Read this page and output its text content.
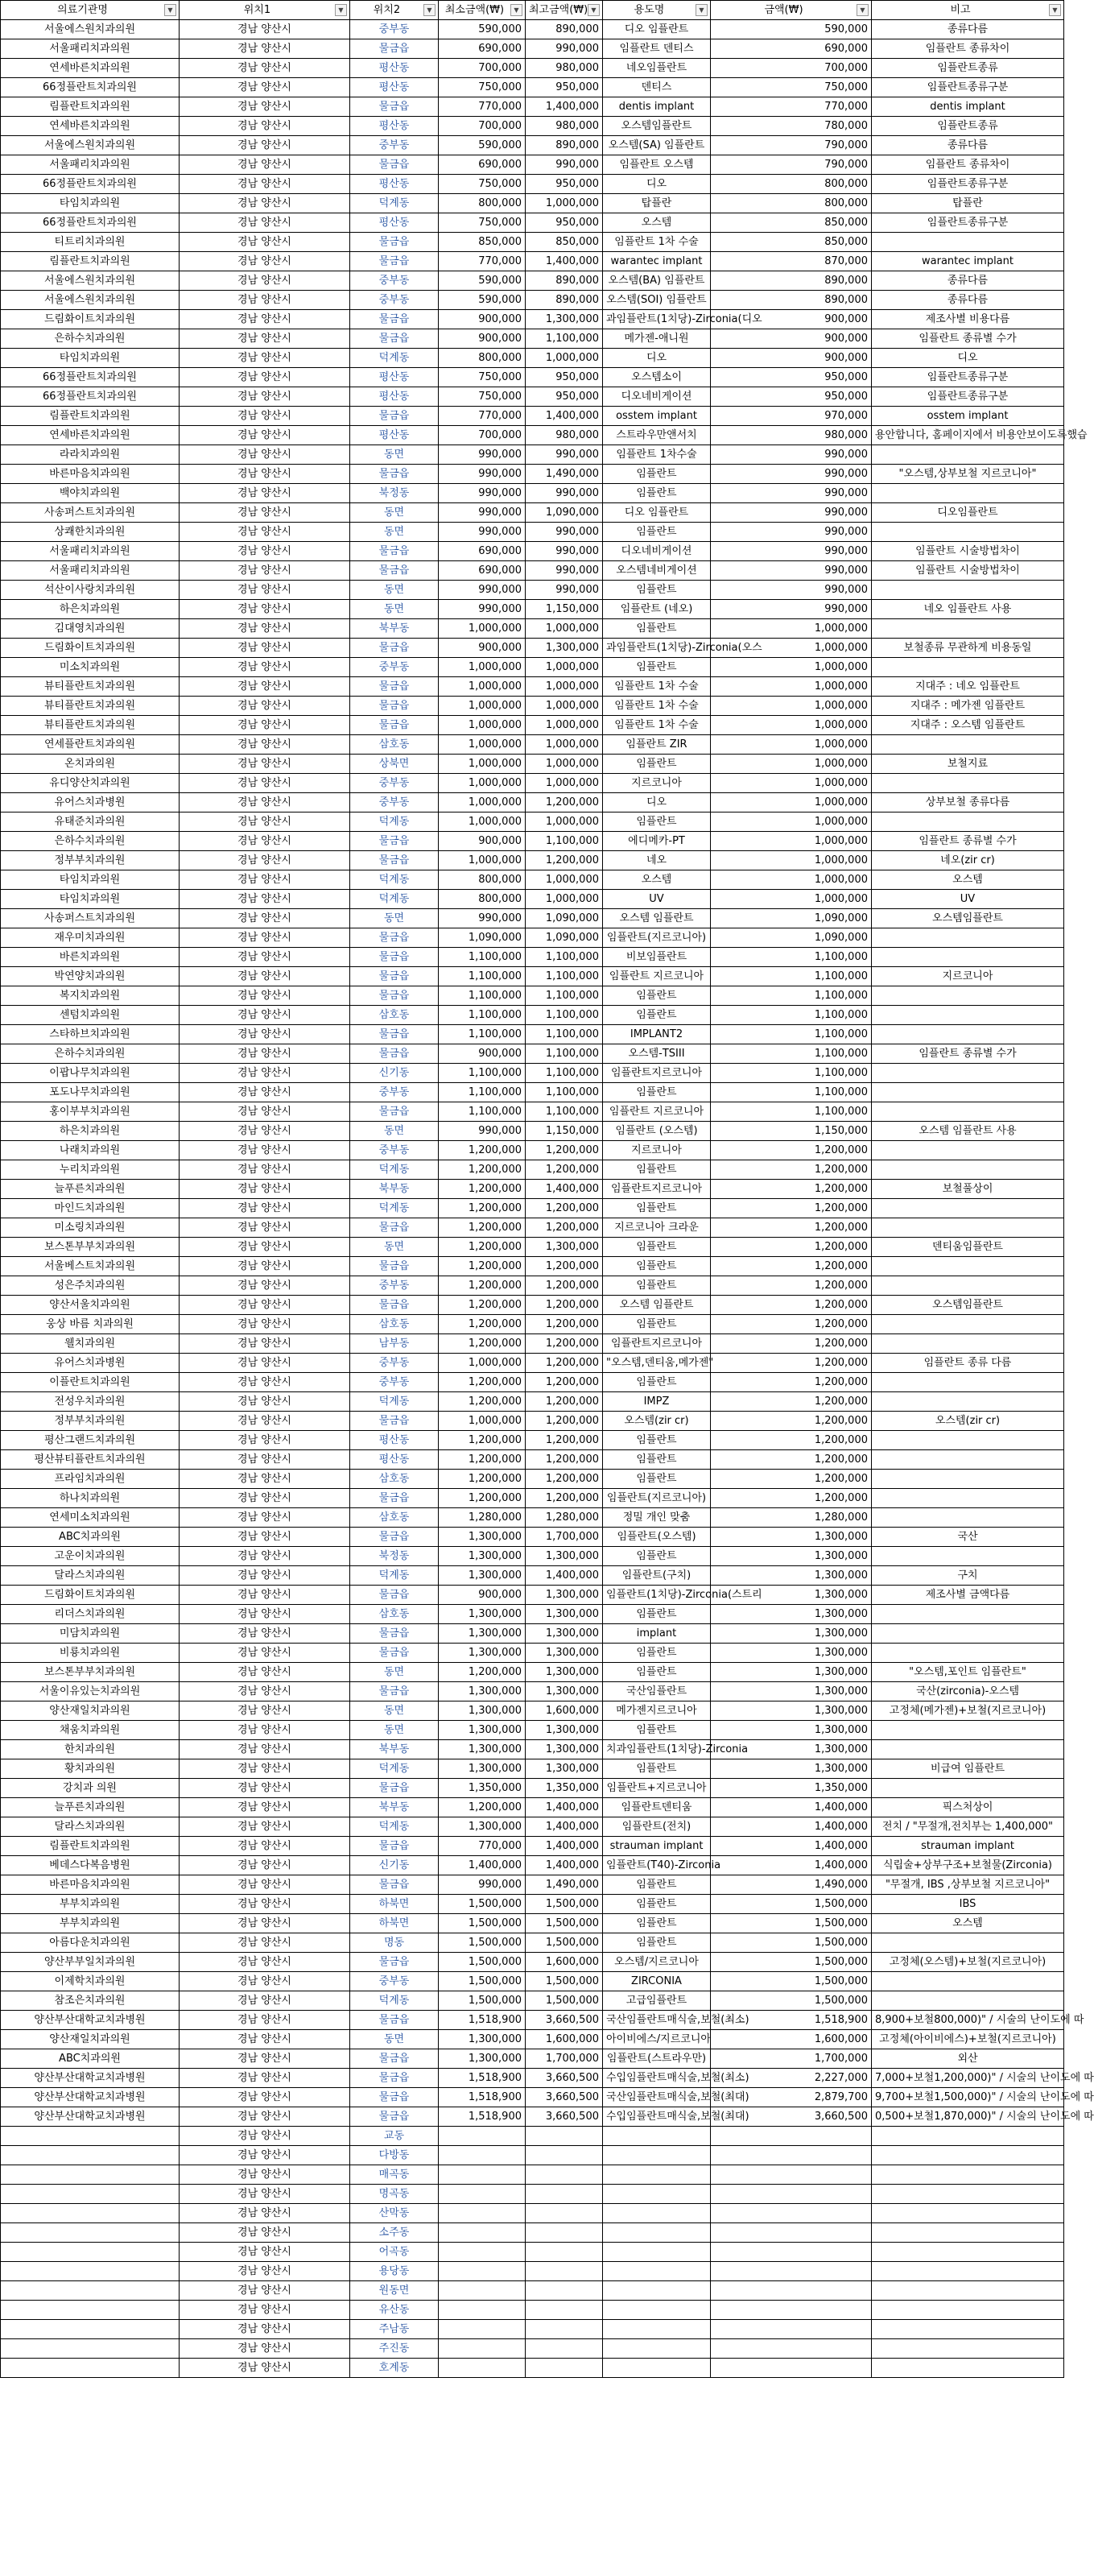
의료기관명 ▼	위치1 ▼	위치2 ▼	최소금액(₩) ▼	최고금액(₩) ▼	용도명 ▼	금액(₩) ▼	비고 ▼

서울에스원치과의원	경남 양산시	중부동	590,000	890,000	디오 임플란트	590,000	종류다름
서울패리치과의원	경남 양산시	물금읍	690,000	990,000	임플란트 덴티스	690,000	임플란트 종류차이
연세바른치과의원	경남 양산시	평산동	700,000	980,000	네오임플란트	700,000	임플란트종류
66정플란트치과의원	경남 양산시	평산동	750,000	950,000	덴티스	750,000	임플란트종류구분
림플란트치과의원	경남 양산시	물금읍	770,000	1,400,000	dentis implant	770,000	dentis implant
연세바른치과의원	경남 양산시	평산동	700,000	980,000	오스템임플란트	780,000	임플란트종류
서울에스원치과의원	경남 양산시	중부동	590,000	890,000	오스템(SA) 임플란트	790,000	종류다름
서울패리치과의원	경남 양산시	물금읍	690,000	990,000	임플란트 오스템	790,000	임플란트 종류차이
66정플란트치과의원	경남 양산시	평산동	750,000	950,000	디오	800,000	임플란트종류구분
타임치과의원	경남 양산시	덕계동	800,000	1,000,000	탑플란	800,000	탑플란
66정플란트치과의원	경남 양산시	평산동	750,000	950,000	오스템	850,000	임플란트종류구분
티트리치과의원	경남 양산시	물금읍	850,000	850,000	임플란트 1차 수술	850,000	
림플란트치과의원	경남 양산시	물금읍	770,000	1,400,000	warantec implant	870,000	warantec implant
서울에스원치과의원	경남 양산시	중부동	590,000	890,000	오스템(BA) 임플란트	890,000	종류다름
서울에스원치과의원	경남 양산시	중부동	590,000	890,000	오스템(SOI) 임플란트	890,000	종류다름
드림화이트치과의원	경남 양산시	물금읍	900,000	1,300,000	과임플란트(1치당)-Zirconia(디오	900,000	제조사별 비용다름
은하수치과의원	경남 양산시	물금읍	900,000	1,100,000	메가젠-애니원	900,000	임플란트 종류별 수가
타임치과의원	경남 양산시	덕계동	800,000	1,000,000	디오	900,000	디오
66정플란트치과의원	경남 양산시	평산동	750,000	950,000	오스템소이	950,000	임플란트종류구분
66정플란트치과의원	경남 양산시	평산동	750,000	950,000	디오네비게이션	950,000	임플란트종류구분
림플란트치과의원	경남 양산시	물금읍	770,000	1,400,000	osstem implant	970,000	osstem implant
연세바른치과의원	경남 양산시	평산동	700,000	980,000	스트라우만앤서치	980,000	용안합니다, 홈페이지에서 비용안보이도록했습
라라치과의원	경남 양산시	동면	990,000	990,000	임플란트 1차수술	990,000	
바른마음치과의원	경남 양산시	물금읍	990,000	1,490,000	임플란트	990,000	"오스템,상부보철 지르코니아"
백야치과의원	경남 양산시	북정동	990,000	990,000	임플란트	990,000	
사송퍼스트치과의원	경남 양산시	동면	990,000	1,090,000	디오 임플란트	990,000	디오임플란트
상쾌한치과의원	경남 양산시	동면	990,000	990,000	임플란트	990,000	
서울패리치과의원	경남 양산시	물금읍	690,000	990,000	디오네비게이션	990,000	임플란트 시술방법차이
서울패리치과의원	경남 양산시	물금읍	690,000	990,000	오스템네비게이션	990,000	임플란트 시술방법차이
석산이사랑치과의원	경남 양산시	동면	990,000	990,000	임플란트	990,000	
하은치과의원	경남 양산시	동면	990,000	1,150,000	임플란트 (네오)	990,000	네오 임플란트 사용
김대영치과의원	경남 양산시	북부동	1,000,000	1,000,000	임플란트	1,000,000	
드림화이트치과의원	경남 양산시	물금읍	900,000	1,300,000	과임플란트(1치당)-Zirconia(오스	1,000,000	보철종류 무관하게 비용동일
미소치과의원	경남 양산시	중부동	1,000,000	1,000,000	임플란트	1,000,000	
뷰티플란트치과의원	경남 양산시	물금읍	1,000,000	1,000,000	임플란트 1차 수술	1,000,000	지대주 : 네오 임플란트
뷰티플란트치과의원	경남 양산시	물금읍	1,000,000	1,000,000	임플란트 1차 수술	1,000,000	지대주 : 메가젠 임플란트
뷰티플란트치과의원	경남 양산시	물금읍	1,000,000	1,000,000	임플란트 1차 수술	1,000,000	지대주 : 오스템 임플란트
연세플란트치과의원	경남 양산시	삼호동	1,000,000	1,000,000	임플란트 ZIR	1,000,000	
온치과의원	경남 양산시	상북면	1,000,000	1,000,000	임플란트	1,000,000	보철지료
유디양산치과의원	경남 양산시	중부동	1,000,000	1,000,000	지르코니아	1,000,000	
유어스치과병원	경남 양산시	중부동	1,000,000	1,200,000	디오	1,000,000	상부보철 종류다름
유태준치과의원	경남 양산시	덕계동	1,000,000	1,000,000	임플란트	1,000,000	
은하수치과의원	경남 양산시	물금읍	900,000	1,100,000	에디메카-PT	1,000,000	임플란트 종류별 수가
정부부치과의원	경남 양산시	물금읍	1,000,000	1,200,000	네오	1,000,000	네오(zir cr)
타임치과의원	경남 양산시	덕계동	800,000	1,000,000	오스템	1,000,000	오스템
타임치과의원	경남 양산시	덕계동	800,000	1,000,000	UV	1,000,000	UV
사송퍼스트치과의원	경남 양산시	동면	990,000	1,090,000	오스템 임플란트	1,090,000	오스템임플란트
재우미치과의원	경남 양산시	물금읍	1,090,000	1,090,000	임플란트(지르코니아)	1,090,000	
바른치과의원	경남 양산시	물금읍	1,100,000	1,100,000	비보임플란트	1,100,000	
박연양치과의원	경남 양산시	물금읍	1,100,000	1,100,000	임플란트 지르코니아	1,100,000	지르코니아
복지치과의원	경남 양산시	물금읍	1,100,000	1,100,000	임플란트	1,100,000	
센텀치과의원	경남 양산시	삼호동	1,100,000	1,100,000	임플란트	1,100,000	
스타하브치과의원	경남 양산시	물금읍	1,100,000	1,100,000	IMPLANT2	1,100,000	
은하수치과의원	경남 양산시	물금읍	900,000	1,100,000	오스템-TSIII	1,100,000	임플란트 종류별 수가
이팝나무치과의원	경남 양산시	신기동	1,100,000	1,100,000	임플란트지르코니아	1,100,000	
포도나무치과의원	경남 양산시	중부동	1,100,000	1,100,000	임플란트	1,100,000	
홍이부부치과의원	경남 양산시	물금읍	1,100,000	1,100,000	임플란트 지르코니아	1,100,000	
하은치과의원	경남 양산시	동면	990,000	1,150,000	임플란트 (오스템)	1,150,000	오스템 임플란트 사용
나래치과의원	경남 양산시	중부동	1,200,000	1,200,000	지르코니아	1,200,000	
누리치과의원	경남 양산시	덕계동	1,200,000	1,200,000	임플란트	1,200,000	
늘푸른치과의원	경남 양산시	북부동	1,200,000	1,400,000	임플란트지르코니아	1,200,000	보철풀상이
마인드치과의원	경남 양산시	덕계동	1,200,000	1,200,000	임플란트	1,200,000	
미소링치과의원	경남 양산시	물금읍	1,200,000	1,200,000	지르코니아 크라운	1,200,000	
보스톤부부치과의원	경남 양산시	동면	1,200,000	1,300,000	임플란트	1,200,000	덴티움임플란트
서울베스트치과의원	경남 양산시	물금읍	1,200,000	1,200,000	임플란트	1,200,000	
성은주치과의원	경남 양산시	중부동	1,200,000	1,200,000	임플란트	1,200,000	
양산서울치과의원	경남 양산시	물금읍	1,200,000	1,200,000	오스템 임플란트	1,200,000	오스템임플란트
웅상 바름 치과의원	경남 양산시	삼호동	1,200,000	1,200,000	임플란트	1,200,000	
웰치과의원	경남 양산시	남부동	1,200,000	1,200,000	임플란트지르코니아	1,200,000	
유어스치과병원	경남 양산시	중부동	1,000,000	1,200,000	"오스템,덴티움,메가젠"	1,200,000	임플란트 종류 다름
이플란트치과의원	경남 양산시	중부동	1,200,000	1,200,000	임플란트	1,200,000	
전성우치과의원	경남 양산시	덕계동	1,200,000	1,200,000	IMPZ	1,200,000	
정부부치과의원	경남 양산시	물금읍	1,000,000	1,200,000	오스템(zir cr)	1,200,000	오스템(zir cr)
평산그랜드치과의원	경남 양산시	평산동	1,200,000	1,200,000	임플란트	1,200,000	
평산뷰티플란트치과의원	경남 양산시	평산동	1,200,000	1,200,000	임플란트	1,200,000	
프라임치과의원	경남 양산시	삼호동	1,200,000	1,200,000	임플란트	1,200,000	
하나치과의원	경남 양산시	물금읍	1,200,000	1,200,000	임플란트(지르코니아)	1,200,000	
연세미소치과의원	경남 양산시	삼호동	1,280,000	1,280,000	정밀 개인 맞춤	1,280,000	
ABC치과의원	경남 양산시	물금읍	1,300,000	1,700,000	임플란트(오스템)	1,300,000	국산
고운이치과의원	경남 양산시	북정동	1,300,000	1,300,000	임플란트	1,300,000	
달라스치과의원	경남 양산시	덕계동	1,300,000	1,400,000	임플란트(구치)	1,300,000	구치
드림화이트치과의원	경남 양산시	물금읍	900,000	1,300,000	임플란트(1치당)-Zirconia(스트리	1,300,000	제조사별 금액다름
리더스치과의원	경남 양산시	삼호동	1,300,000	1,300,000	임플란트	1,300,000	
미담치과의원	경남 양산시	물금읍	1,300,000	1,300,000	implant	1,300,000	
비룡치과의원	경남 양산시	물금읍	1,300,000	1,300,000	임플란트	1,300,000	
보스톤부부치과의원	경남 양산시	동면	1,200,000	1,300,000	임플란트	1,300,000	"오스템,포인트 임플란트"
서울이유있는치과의원	경남 양산시	물금읍	1,300,000	1,300,000	국산임플란트	1,300,000	국산(zirconia)-오스템
양산재일치과의원	경남 양산시	동면	1,300,000	1,600,000	메가젠지르코니아	1,300,000	고정체(메가젠)+보철(지르코니아)
채움치과의원	경남 양산시	동면	1,300,000	1,300,000	임플란트	1,300,000	
한치과의원	경남 양산시	북부동	1,300,000	1,300,000	치과임플란트(1치당)-Zirconia	1,300,000	
황치과의원	경남 양산시	덕계동	1,300,000	1,300,000	임플란트	1,300,000	비급여 임플란트
강치과 의원	경남 양산시	물금읍	1,350,000	1,350,000	임플란트+지르코니아	1,350,000	
늘푸른치과의원	경남 양산시	북부동	1,200,000	1,400,000	임플란트덴티움	1,400,000	픽스처상이
달라스치과의원	경남 양산시	덕계동	1,300,000	1,400,000	임플란트(전치)	1,400,000	전치 / "무절개,전치부는 1,400,000"
림플란트치과의원	경남 양산시	물금읍	770,000	1,400,000	strauman implant	1,400,000	strauman implant
베데스다복음병원	경남 양산시	신기동	1,400,000	1,400,000	임플란트(T40)-Zirconia	1,400,000	식립술+상부구조+보철물(Zirconia)
바른마음치과의원	경남 양산시	물금읍	990,000	1,490,000	임플란트	1,490,000	"무절개, IBS ,상부보철 지르코니아"
부부치과의원	경남 양산시	하북면	1,500,000	1,500,000	임플란트	1,500,000	IBS
부부치과의원	경남 양산시	하북면	1,500,000	1,500,000	임플란트	1,500,000	오스템
아름다운치과의원	경남 양산시	명동	1,500,000	1,500,000	임플란트	1,500,000	
양산부부일치과의원	경남 양산시	물금읍	1,500,000	1,600,000	오스템/지르코니아	1,500,000	고정체(오스템)+보철(지르코니아)
이제학치과의원	경남 양산시	중부동	1,500,000	1,500,000	ZIRCONIA	1,500,000	
참조은치과의원	경남 양산시	덕계동	1,500,000	1,500,000	고급임플란트	1,500,000	
양산부산대학교치과병원	경남 양산시	물금읍	1,518,900	3,660,500	국산임플란트매식술,보철(최소)	1,518,900	8,900+보철800,000)" / 시술의 난이도에 따
양산재일치과의원	경남 양산시	동면	1,300,000	1,600,000	아이비에스/지르코니아	1,600,000	고정체(아이비에스)+보철(지르코니아)
ABC치과의원	경남 양산시	물금읍	1,300,000	1,700,000	임플란트(스트라우만)	1,700,000	외산
양산부산대학교치과병원	경남 양산시	물금읍	1,518,900	3,660,500	수입임플란트매식술,보철(최소)	2,227,000	7,000+보철1,200,000)" / 시술의 난이도에 따
양산부산대학교치과병원	경남 양산시	물금읍	1,518,900	3,660,500	국산임플란트매식술,보철(최대)	2,879,700	9,700+보철1,500,000)" / 시술의 난이도에 따
양산부산대학교치과병원	경남 양산시	물금읍	1,518,900	3,660,500	수입임플란트매식술,보철(최대)	3,660,500	0,500+보철1,870,000)" / 시술의 난이도에 따
	경남 양산시	교동					
	경남 양산시	다방동					
	경남 양산시	매곡동					
	경남 양산시	명곡동					
	경남 양산시	산막동					
	경남 양산시	소주동					
	경남 양산시	어곡동					
	경남 양산시	용당동					
	경남 양산시	원동면					
	경남 양산시	유산동					
	경남 양산시	주남동					
	경남 양산시	주진동					
	경남 양산시	호계동					
